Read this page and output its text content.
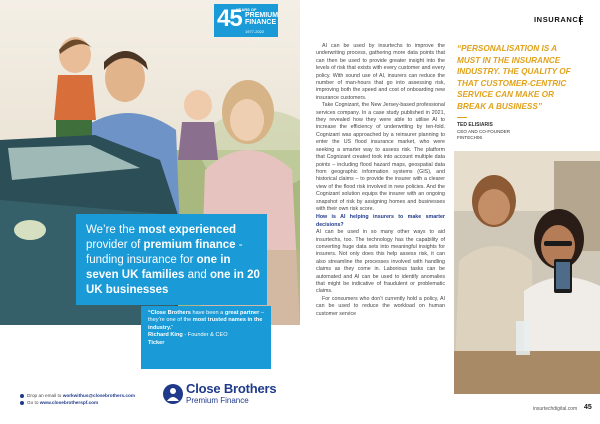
45
YEARS OF
PREMIUM FINANCE
1977-2022
We’re the most experienced provider of premium finance - funding insurance for one in seven UK families and one in 20 UK businesses
“Close Brothers have been a great partner – they’re one of the most trusted names in the industry.”
Richard King - Founder & CEO
Ticker
Drop an email to workwithus@closebrothers.com
Go to www.closebrotherspf.com
Close Brothers
Premium Finance
INSURANCE

AI can be used by insurtechs to improve the underwriting process, gathering more data points that can then be used to provide greater insight into the levels of risk that exists with every customer and every policy. With sound use of AI, insurers can reduce the number of man-hours that go into assessing risk, improving both the speed and cost of onboarding new insurance customers.

Take Cognizant, the New Jersey-based professional services company. In a case study published in 2021, they revealed how they were able to utilise AI to increase the efficiency of underwriting by ten-fold. Cognizant was approached by a reinsurer planning to enter the US flood insurance market, who were seeking a smarter way to assess risk. The platform that Cognizant created took into account multiple data points – including flood hazard maps, geospatial data from geographic information systems (GIS), and historical claims – to provide the insurer with a clearer view of the flood risk involved in new policies. And the Cognizant solution equips the insurer with an ongoing snapshot of risk by assigning homes and businesses with their own risk score.

How is AI helping insurers to make smarter decisions?

AI can be used in so many other ways to aid insurtechs, too. The technology has the capability of converting huge data sets into meaningful insights for insurers. Not only does this help assess risk, it can also streamline the processes involved with handling claims as they come in. Laborious tasks can be automated and AI can be used to identify anomalies that might be indicative of fraudulent or problematic claims.

For consumers who don’t currently hold a policy, AI can be used to reduce the workload on human customer service

“PERSONALISATION IS A MUST IN THE INSURANCE INDUSTRY. THE QUALITY OF THAT CUSTOMER-CENTRIC SERVICE CAN MAKE OR BREAK A BUSINESS”
TED ELISIARIS
CEO AND CO-FOUNDER
FINTECH06
insurtechdigital.com 45
